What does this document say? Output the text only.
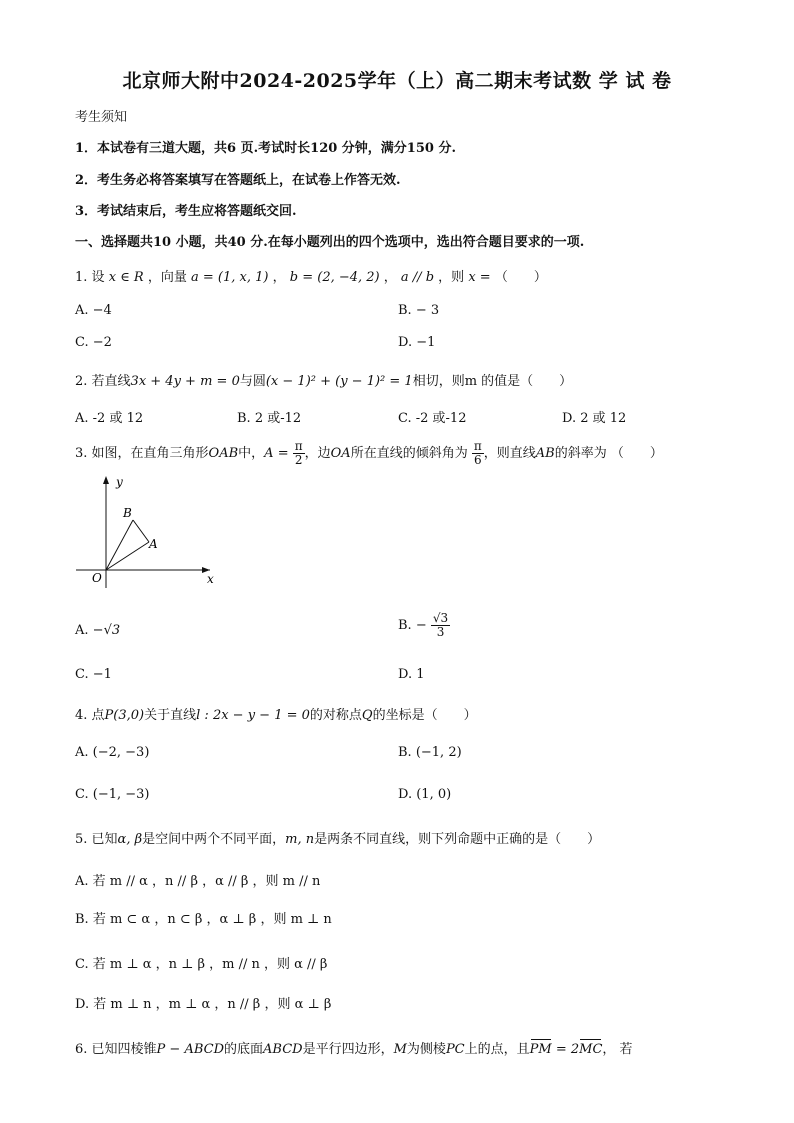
北京师大附中2024-2025学年（上）高二期末考试数 学 试 卷
考生须知
1．本试卷有三道大题，共6 页.考试时长120 分钟，满分150 分.
2．考生务必将答案填写在答题纸上，在试卷上作答无效.
3．考试结束后，考生应将答题纸交回.
一、选择题共10 小题，共40 分.在每小题列出的四个选项中，选出符合题目要求的一项.
1. 设 x ∈ R ，向量 a = (1, x, 1) ， b = (2, −4, 2) ， a // b ，则 x = （　　）
A. −4	B. − 3
C. −2	D. −1
2. 若直线3x + 4y + m = 0与圆(x − 1)² + (y − 1)² = 1相切，则m 的值是（　　）
A. -2 或 12	B. 2 或-12	C. -2 或-12	D. 2 或 12
3. 如图，在直角三角形OAB中，$A = \frac{\pi}{2}$ ，边OA所在直线的倾斜角为 $\frac{\pi}{6}$ ，则直线AB的斜率为 （　　）
y
x
O
A
B
A. −√3	B. − $\frac{√3}{3}$
C. −1	D. 1
4. 点P(3,0)关于直线l : 2x − y − 1 = 0的对称点Q的坐标是（　　）
A. (−2, −3)	B. (−1, 2)
C. (−1, −3)	D. (1, 0)
5. 已知α, β是空间中两个不同平面，m, n是两条不同直线，则下列命题中正确的是（　　）
A. 若 m // α ，n // β ，α // β ，则 m // n
B. 若 m ⊂ α ，n ⊂ β ，α ⊥ β ，则 m ⊥ n
C. 若 m ⊥ α ，n ⊥ β ，m // n ，则 α // β
D. 若 m ⊥ n ，m ⊥ α ，n // β ，则 α ⊥ β
6. 已知四棱锥P − ABCD的底面ABCD是平行四边形，M为侧棱PC上的点，且PM = 2MC， 若
